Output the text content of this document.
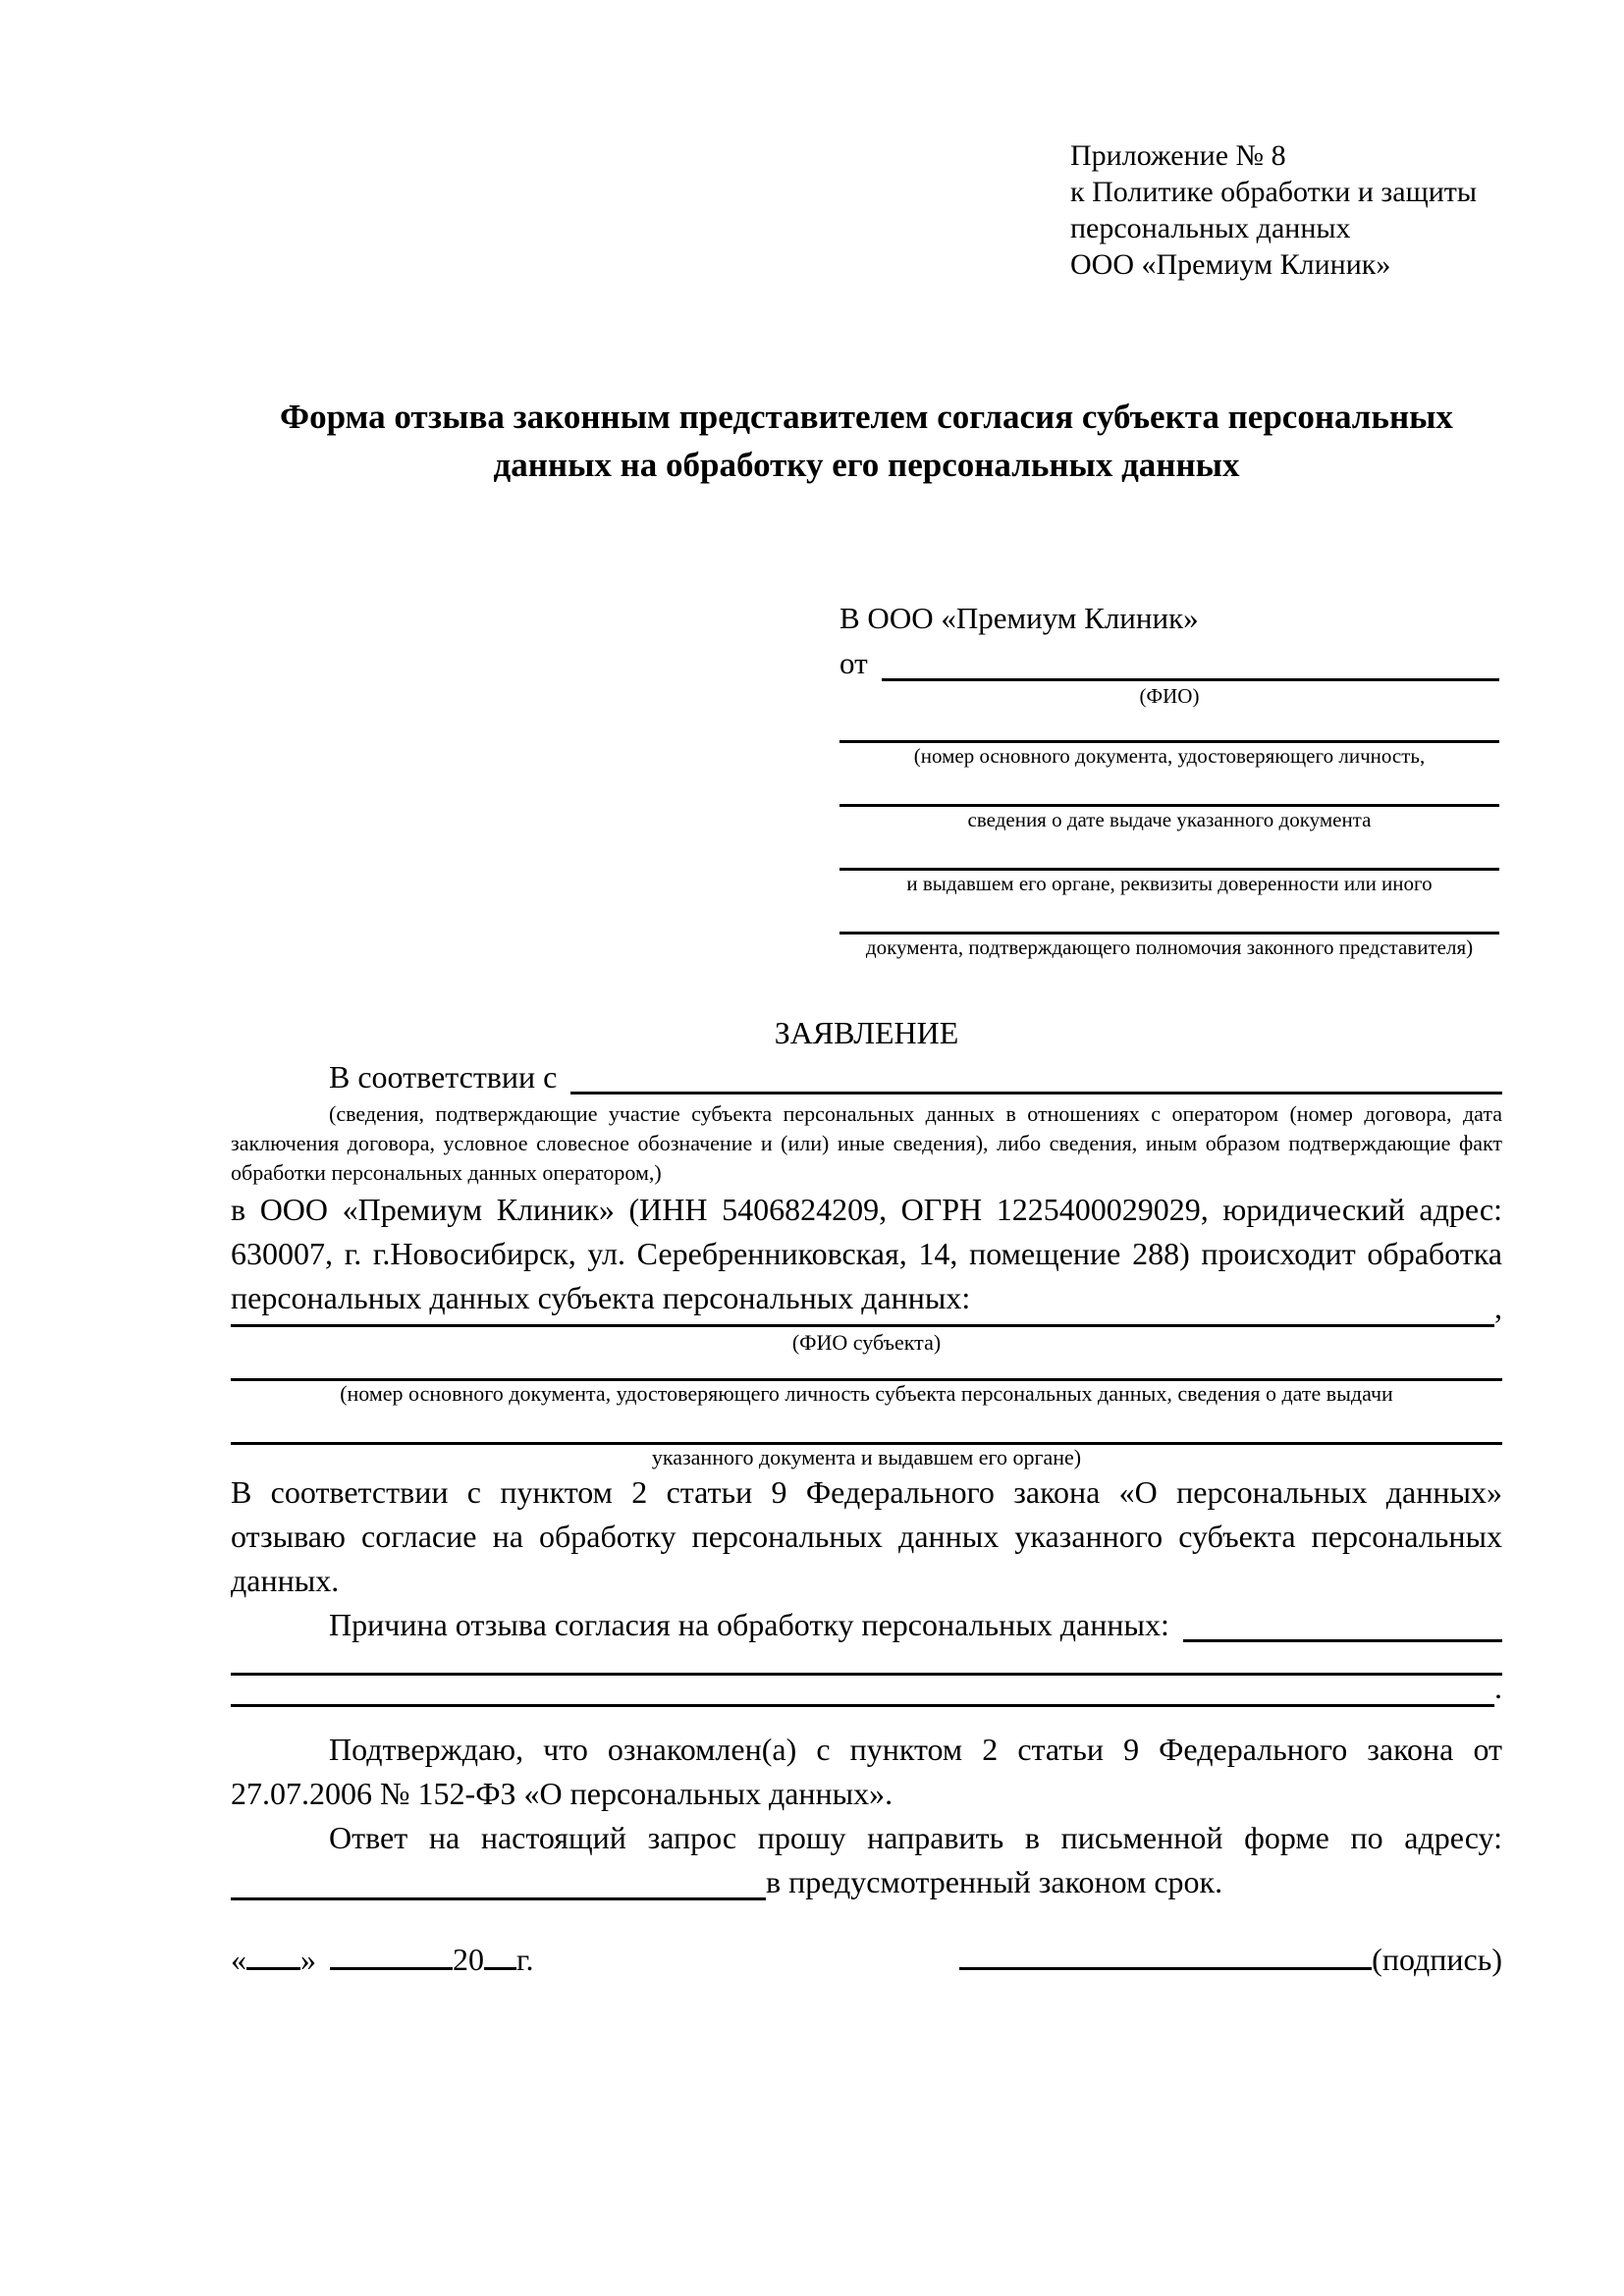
Приложение № 8
к Политике обработки и защиты
персональных данных
ООО «Премиум Клиник»
Форма отзыва законным представителем согласия субъекта персональных данных на обработку его персональных данных
В ООО «Премиум Клиник»
от
(ФИО)
(номер основного документа, удостоверяющего личность,
сведения о дате выдаче указанного документа
и выдавшем его органе, реквизиты доверенности или иного
документа, подтверждающего полномочия законного представителя)
ЗАЯВЛЕНИЕ
В соответствии с

(сведения, подтверждающие участие субъекта персональных данных в отношениях с оператором (номер договора, дата заключения договора, условное словесное обозначение и (или) иные сведения), либо сведения, иным образом подтверждающие факт обработки персональных данных оператором,)

в ООО «Премиум Клиник» (ИНН 5406824209, ОГРН 1225400029029, юридический адрес: 630007, г. г.Новосибирск, ул. Серебренниковская, 14, помещение 288) происходит обработка персональных данных субъекта персональных данных:	,
(ФИО субъекта)
(номер основного документа, удостоверяющего личность субъекта персональных данных, сведения о дате выдачи
указанного документа и выдавшем его органе)

В соответствии с пунктом 2 статьи 9 Федерального закона «О персональных данных» отзываю согласие на обработку персональных данных указанного субъекта персональных данных.

Причина отзыва согласия на обработку персональных данных:
.

Подтверждаю, что ознакомлен(а) с пунктом 2 статьи 9 Федерального закона от 27.07.2006 № 152-ФЗ «О персональных данных».

Ответ на настоящий запрос прошу направить в письменной форме по адресу:

в предусмотренный законом срок.
« »	20 г.	(подпись)
